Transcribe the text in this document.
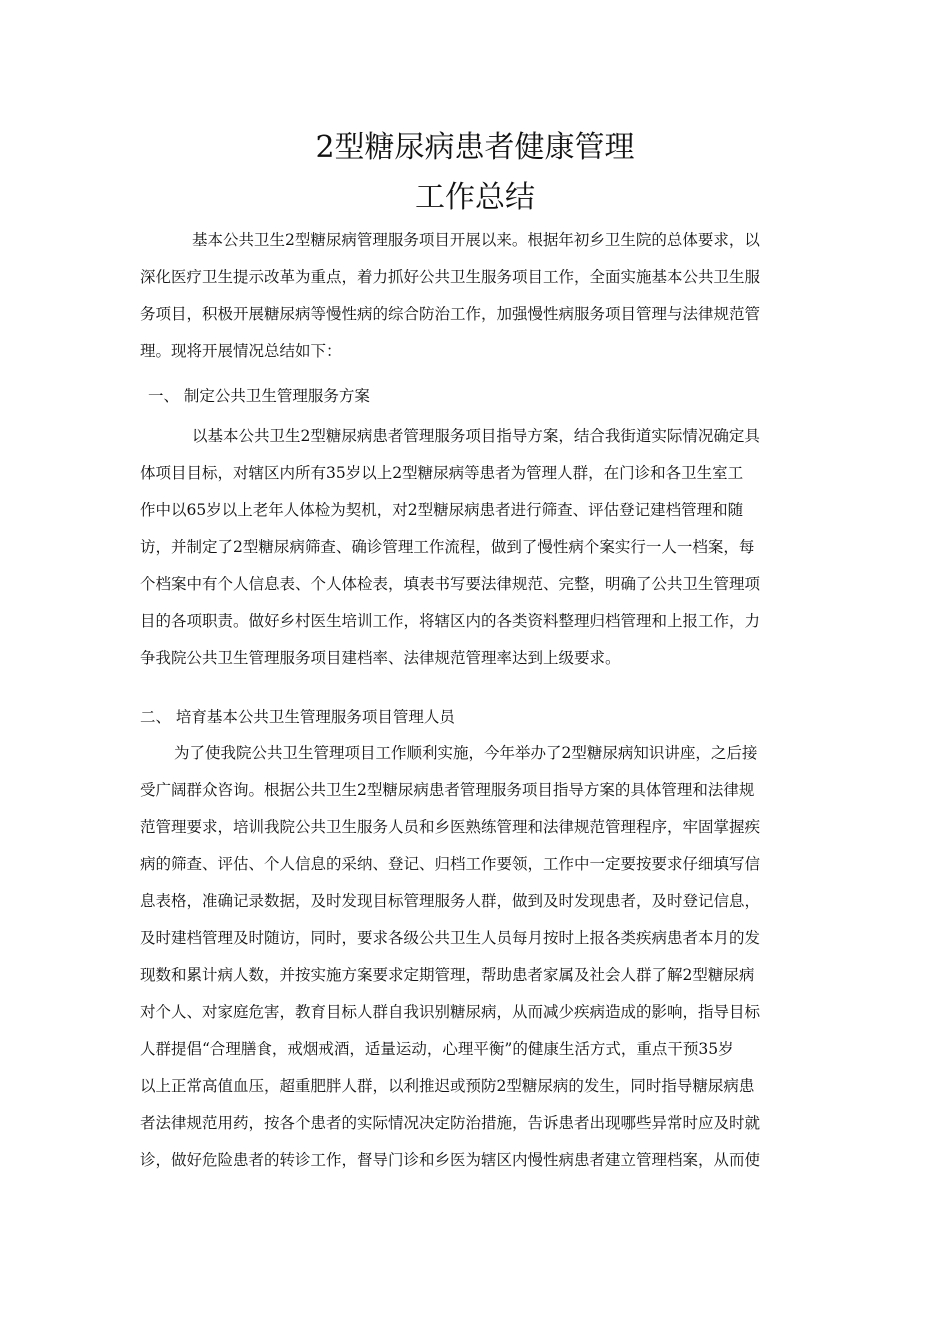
2型糖尿病患者健康管理
工作总结
基本公共卫生2型糖尿病管理服务项目开展以来。根据年初乡卫生院的总体要求，以
深化医疗卫生提示改革为重点，着力抓好公共卫生服务项目工作，全面实施基本公共卫生服
务项目，积极开展糖尿病等慢性病的综合防治工作，加强慢性病服务项目管理与法律规范管
理。现将开展情况总结如下：
一、 制定公共卫生管理服务方案
以基本公共卫生2型糖尿病患者管理服务项目指导方案，结合我街道实际情况确定具
体项目目标，对辖区内所有35岁以上2型糖尿病等患者为管理人群，在门诊和各卫生室工
作中以65岁以上老年人体检为契机，对2型糖尿病患者进行筛查、评估登记建档管理和随
访，并制定了2型糖尿病筛查、确诊管理工作流程，做到了慢性病个案实行一人一档案，每
个档案中有个人信息表、个人体检表，填表书写要法律规范、完整，明确了公共卫生管理项
目的各项职责。做好乡村医生培训工作，将辖区内的各类资料整理归档管理和上报工作，力
争我院公共卫生管理服务项目建档率、法律规范管理率达到上级要求。
二、 培育基本公共卫生管理服务项目管理人员
为了使我院公共卫生管理项目工作顺利实施，今年举办了2型糖尿病知识讲座，之后接
受广阔群众咨询。根据公共卫生2型糖尿病患者管理服务项目指导方案的具体管理和法律规
范管理要求，培训我院公共卫生服务人员和乡医熟练管理和法律规范管理程序，牢固掌握疾
病的筛查、评估、个人信息的采纳、登记、归档工作要领，工作中一定要按要求仔细填写信
息表格，准确记录数据，及时发现目标管理服务人群，做到及时发现患者，及时登记信息，
及时建档管理及时随访，同时，要求各级公共卫生人员每月按时上报各类疾病患者本月的发
现数和累计病人数，并按实施方案要求定期管理，帮助患者家属及社会人群了解2型糖尿病
对个人、对家庭危害，教育目标人群自我识别糖尿病，从而减少疾病造成的影响，指导目标
人群提倡“合理膳食，戒烟戒酒，适量运动，心理平衡”的健康生活方式，重点干预35岁
以上正常高值血压，超重肥胖人群，以利推迟或预防2型糖尿病的发生，同时指导糖尿病患
者法律规范用药，按各个患者的实际情况决定防治措施，告诉患者出现哪些异常时应及时就
诊，做好危险患者的转诊工作，督导门诊和乡医为辖区内慢性病患者建立管理档案，从而使
